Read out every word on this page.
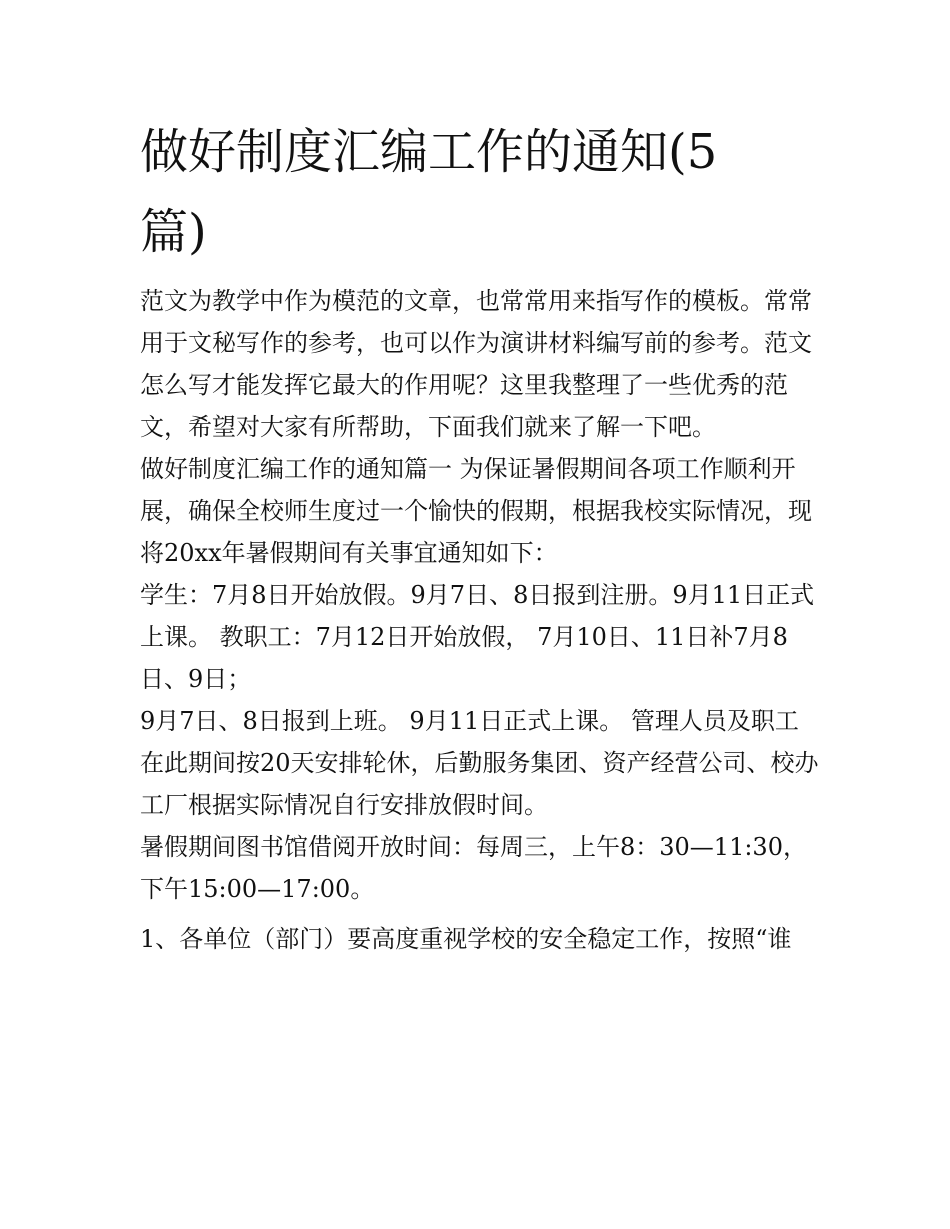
做好制度汇编工作的通知(5篇)

范文为教学中作为模范的文章，也常常用来指写作的模板。常常用于文秘写作的参考，也可以作为演讲材料编写前的参考。范文怎么写才能发挥它最大的作用呢？这里我整理了一些优秀的范文，希望对大家有所帮助，下面我们就来了解一下吧。

做好制度汇编工作的通知篇一 为保证暑假期间各项工作顺利开展，确保全校师生度过一个愉快的假期，根据我校实际情况，现将20xx年暑假期间有关事宜通知如下：

学生：7月8日开始放假。9月7日、8日报到注册。9月11日正式上课。 教职工：7月12日开始放假， 7月10日、11日补7月8日、9日；

9月7日、8日报到上班。 9月11日正式上课。 管理人员及职工在此期间按20天安排轮休，后勤服务集团、资产经营公司、校办工厂根据实际情况自行安排放假时间。

暑假期间图书馆借阅开放时间：每周三，上午8：30—11:30，下午15:00—17:00。

1、各单位（部门）要高度重视学校的安全稳定工作，按照“谁
